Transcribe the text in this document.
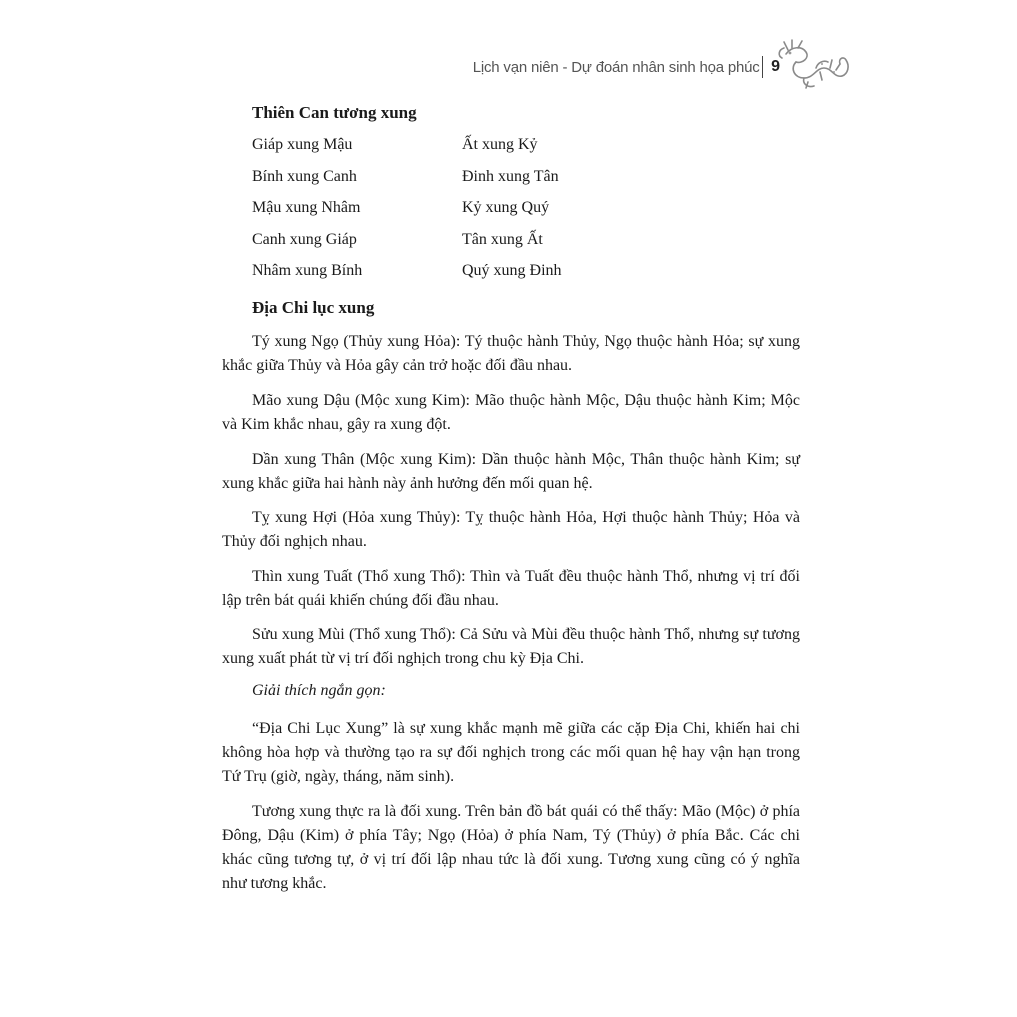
Lịch vạn niên - Dự đoán nhân sinh họa phúc 9
Thiên Can tương xung
Giáp xung Mậu	Ất xung Kỷ
Bính xung Canh	Đinh xung Tân
Mậu xung Nhâm	Kỷ xung Quý
Canh xung Giáp	Tân xung Ất
Nhâm xung Bính	Quý xung Đinh
Địa Chi lục xung

Tý xung Ngọ (Thủy xung Hỏa): Tý thuộc hành Thủy, Ngọ thuộc hành Hỏa; sự xung khắc giữa Thủy và Hỏa gây cản trở hoặc đối đầu nhau.

Mão xung Dậu (Mộc xung Kim): Mão thuộc hành Mộc, Dậu thuộc hành Kim; Mộc và Kim khắc nhau, gây ra xung đột.

Dần xung Thân (Mộc xung Kim): Dần thuộc hành Mộc, Thân thuộc hành Kim; sự xung khắc giữa hai hành này ảnh hưởng đến mối quan hệ.

Tỵ xung Hợi (Hỏa xung Thủy): Tỵ thuộc hành Hỏa, Hợi thuộc hành Thủy; Hỏa và Thủy đối nghịch nhau.

Thìn xung Tuất (Thổ xung Thổ): Thìn và Tuất đều thuộc hành Thổ, nhưng vị trí đối lập trên bát quái khiến chúng đối đầu nhau.

Sửu xung Mùi (Thổ xung Thổ): Cả Sửu và Mùi đều thuộc hành Thổ, nhưng sự tương xung xuất phát từ vị trí đối nghịch trong chu kỳ Địa Chi.

Giải thích ngắn gọn:

“Địa Chi Lục Xung” là sự xung khắc mạnh mẽ giữa các cặp Địa Chi, khiến hai chi không hòa hợp và thường tạo ra sự đối nghịch trong các mối quan hệ hay vận hạn trong Tứ Trụ (giờ, ngày, tháng, năm sinh).

Tương xung thực ra là đối xung. Trên bản đồ bát quái có thể thấy: Mão (Mộc) ở phía Đông, Dậu (Kim) ở phía Tây; Ngọ (Hỏa) ở phía Nam, Tý (Thủy) ở phía Bắc. Các chi khác cũng tương tự, ở vị trí đối lập nhau tức là đối xung. Tương xung cũng có ý nghĩa như tương khắc.
